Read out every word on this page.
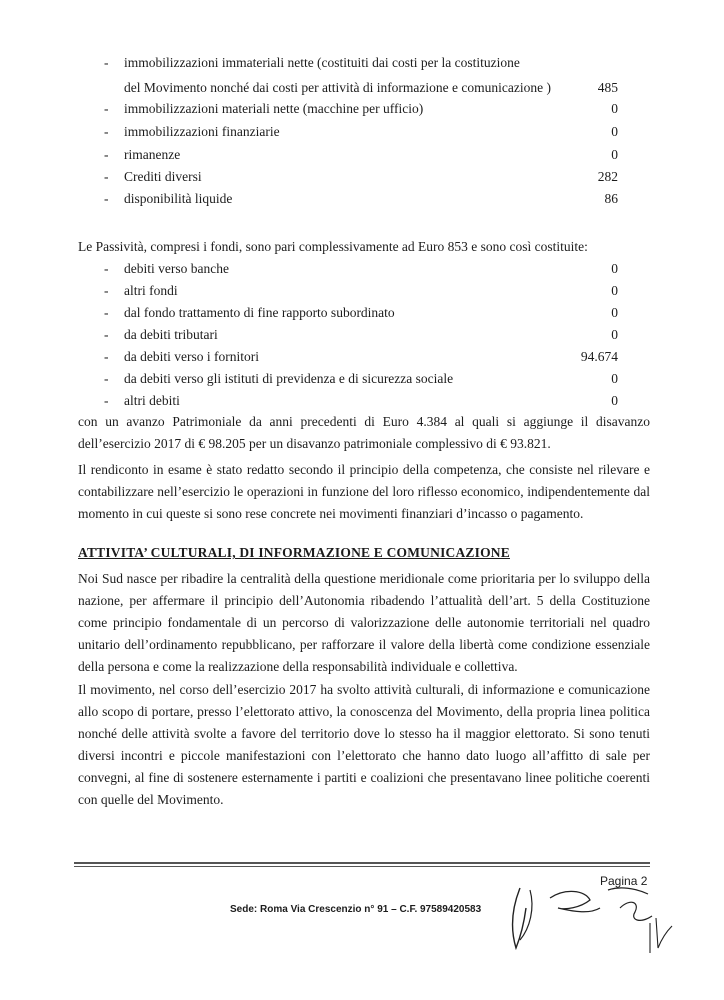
- immobilizzazioni immateriali nette (costituiti dai costi per la costituzione
del Movimento nonché dai costi per attività di informazione e comunicazione )	485
- immobilizzazioni materiali nette (macchine per ufficio)	0
- immobilizzazioni finanziarie	0
- rimanenze	0
- Crediti diversi	282
- disponibilità liquide	86
Le Passività, compresi i fondi, sono pari complessivamente ad Euro 853 e sono così costituite:
- debiti verso banche	0
- altri fondi	0
- dal fondo trattamento di fine rapporto subordinato	0
- da debiti tributari	0
- da debiti verso i fornitori	94.674
- da debiti verso gli istituti di previdenza e di sicurezza sociale	0
- altri debiti	0
con un avanzo Patrimoniale da anni precedenti di Euro 4.384 al quali si aggiunge il disavanzo dell’esercizio 2017 di € 98.205 per un disavanzo patrimoniale complessivo di € 93.821.
Il rendiconto in esame è stato redatto secondo il principio della competenza, che consiste nel rilevare e contabilizzare nell’esercizio le operazioni in funzione del loro riflesso economico, indipendentemente dal momento in cui queste si sono rese concrete nei movimenti finanziari d’incasso o pagamento.
ATTIVITA’ CULTURALI, DI INFORMAZIONE E COMUNICAZIONE
Noi Sud nasce per ribadire la centralità della questione meridionale come prioritaria per lo sviluppo della nazione, per affermare il principio dell’Autonomia ribadendo l’attualità dell’art. 5 della Costituzione come principio fondamentale di un percorso di valorizzazione delle autonomie territoriali nel quadro unitario dell’ordinamento repubblicano, per rafforzare il valore della libertà come condizione essenziale della persona e come la realizzazione della responsabilità individuale e collettiva.
Il movimento, nel corso dell’esercizio 2017 ha svolto attività culturali, di informazione e comunicazione allo scopo di portare, presso l’elettorato attivo, la conoscenza del Movimento, della propria linea politica nonché delle attività svolte a favore del territorio dove lo stesso ha il maggior elettorato. Si sono tenuti diversi incontri e piccole manifestazioni con l’elettorato che hanno dato luogo all’affitto di sale per convegni, al fine di sostenere esternamente i partiti e coalizioni che presentavano linee politiche coerenti con quelle del Movimento.
Pagina 2
Sede: Roma Via Crescenzio n° 91 – C.F. 97589420583
